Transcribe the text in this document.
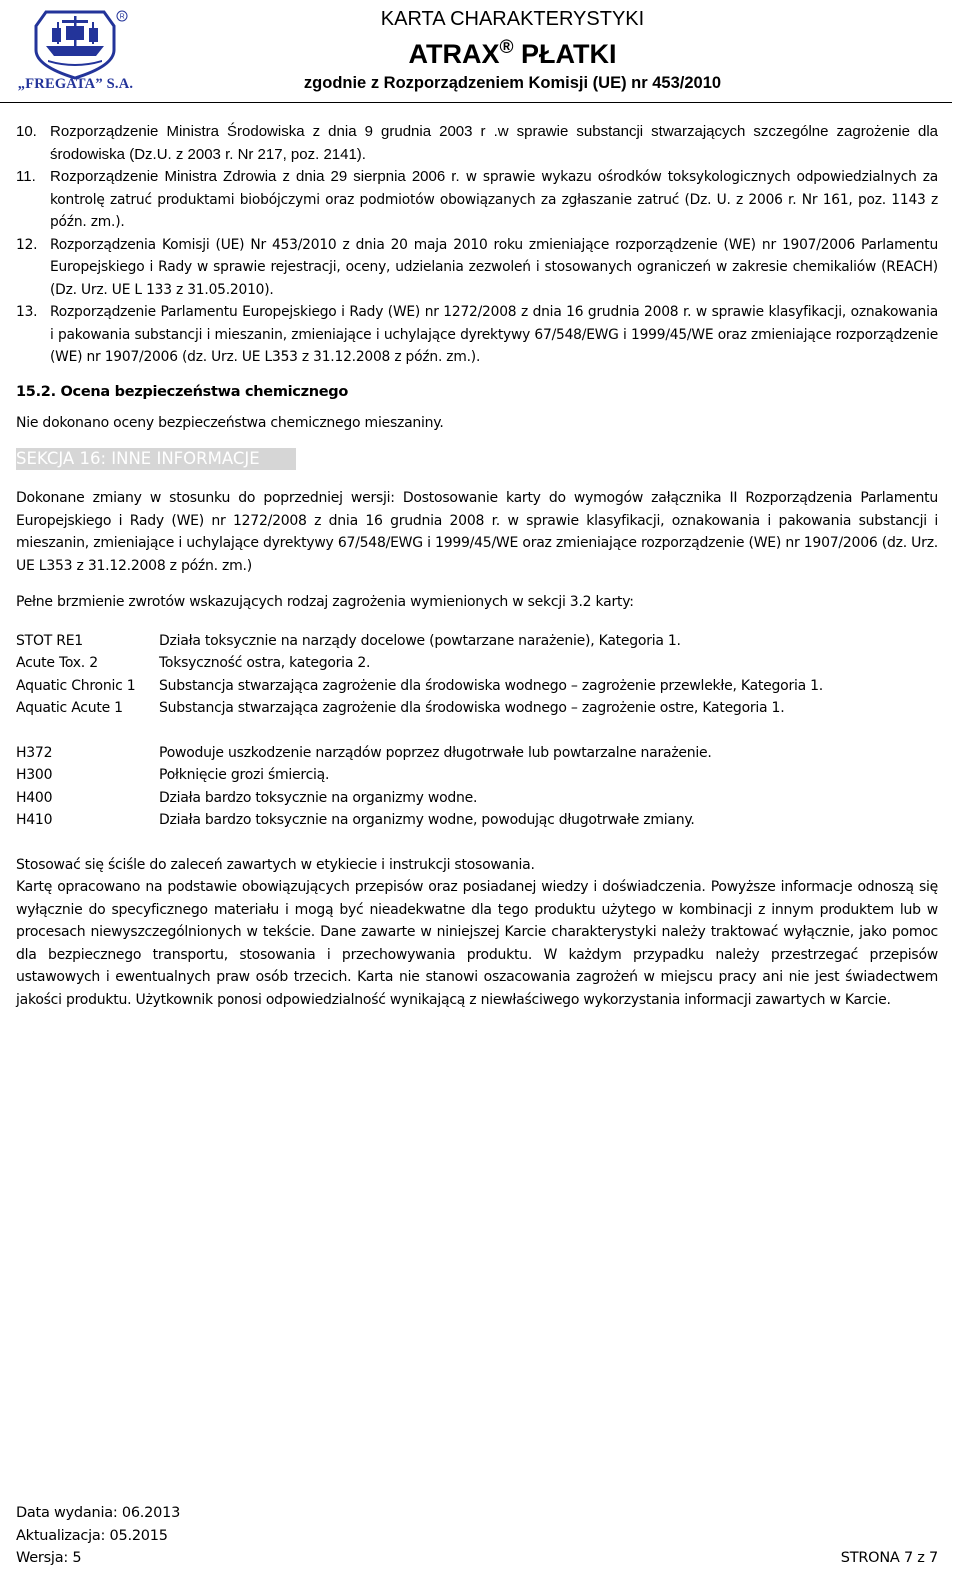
R
„FREGATA” S.A.
KARTA CHARAKTERYSTYKI
ATRAX® PŁATKI
zgodnie z Rozporządzeniem Komisji (UE) nr 453/2010
10. Rozporządzenie Ministra Środowiska z dnia 9 grudnia 2003 r .w sprawie substancji stwarzających szczególne zagrożenie dla środowiska (Dz.U. z 2003 r. Nr 217, poz. 2141).
11. Rozporządzenie Ministra Zdrowia z dnia 29 sierpnia 2006 r. w sprawie wykazu ośrodków toksykologicznych odpowiedzialnych za kontrolę zatruć produktami biobójczymi oraz podmiotów obowiązanych za zgłaszanie zatruć (Dz. U. z 2006 r. Nr 161, poz. 1143 z późn. zm.).
12. Rozporządzenia Komisji (UE) Nr 453/2010 z dnia 20 maja 2010 roku zmieniające rozporządzenie (WE) nr 1907/2006 Parlamentu Europejskiego i Rady w sprawie rejestracji, oceny, udzielania zezwoleń i stosowanych ograniczeń w zakresie chemikaliów (REACH) (Dz. Urz. UE L 133 z 31.05.2010).
13. Rozporządzenie Parlamentu Europejskiego i Rady (WE) nr 1272/2008 z dnia 16 grudnia 2008 r. w sprawie klasyfikacji, oznakowania i pakowania substancji i mieszanin, zmieniające i uchylające dyrektywy 67/548/EWG i 1999/45/WE oraz zmieniające rozporządzenie (WE) nr 1907/2006 (dz. Urz. UE L353 z 31.12.2008 z późn. zm.).
15.2. Ocena bezpieczeństwa chemicznego
Nie dokonano oceny bezpieczeństwa chemicznego mieszaniny.
SEKCJA 16: INNE INFORMACJE
Dokonane zmiany w stosunku do poprzedniej wersji: Dostosowanie karty do wymogów załącznika II Rozporządzenia Parlamentu Europejskiego i Rady (WE) nr 1272/2008 z dnia 16 grudnia 2008 r. w sprawie klasyfikacji, oznakowania i pakowania substancji i mieszanin, zmieniające i uchylające dyrektywy 67/548/EWG i 1999/45/WE oraz zmieniające rozporządzenie (WE) nr 1907/2006 (dz. Urz. UE L353 z 31.12.2008 z późn. zm.)
Pełne brzmienie zwrotów wskazujących rodzaj zagrożenia wymienionych w sekcji 3.2 karty:
STOT RE1	Działa toksycznie na narządy docelowe (powtarzane narażenie), Kategoria 1.
Acute Tox. 2	Toksyczność ostra, kategoria 2.
Aquatic Chronic 1	Substancja stwarzająca zagrożenie dla środowiska wodnego – zagrożenie przewlekłe, Kategoria 1.
Aquatic Acute 1	Substancja stwarzająca zagrożenie dla środowiska wodnego – zagrożenie ostre, Kategoria 1.
H372	Powoduje uszkodzenie narządów poprzez długotrwałe lub powtarzalne narażenie.
H300	Połknięcie grozi śmiercią.
H400	Działa bardzo toksycznie na organizmy wodne.
H410	Działa bardzo toksycznie na organizmy wodne, powodując długotrwałe zmiany.
Stosować się ściśle do zaleceń zawartych w etykiecie i instrukcji stosowania.
Kartę opracowano na podstawie obowiązujących przepisów oraz posiadanej wiedzy i doświadczenia. Powyższe informacje odnoszą się wyłącznie do specyficznego materiału i mogą być nieadekwatne dla tego produktu użytego w kombinacji z innym produktem lub w procesach niewyszczególnionych w tekście. Dane zawarte w niniejszej Karcie charakterystyki należy traktować wyłącznie, jako pomoc dla bezpiecznego transportu, stosowania i przechowywania produktu. W każdym przypadku należy przestrzegać przepisów ustawowych i ewentualnych praw osób trzecich. Karta nie stanowi oszacowania zagrożeń w miejscu pracy ani nie jest świadectwem jakości produktu. Użytkownik ponosi odpowiedzialność wynikającą z niewłaściwego wykorzystania informacji zawartych w Karcie.
Data wydania: 06.2013
Aktualizacja: 05.2015
Wersja: 5	STRONA 7 z 7
